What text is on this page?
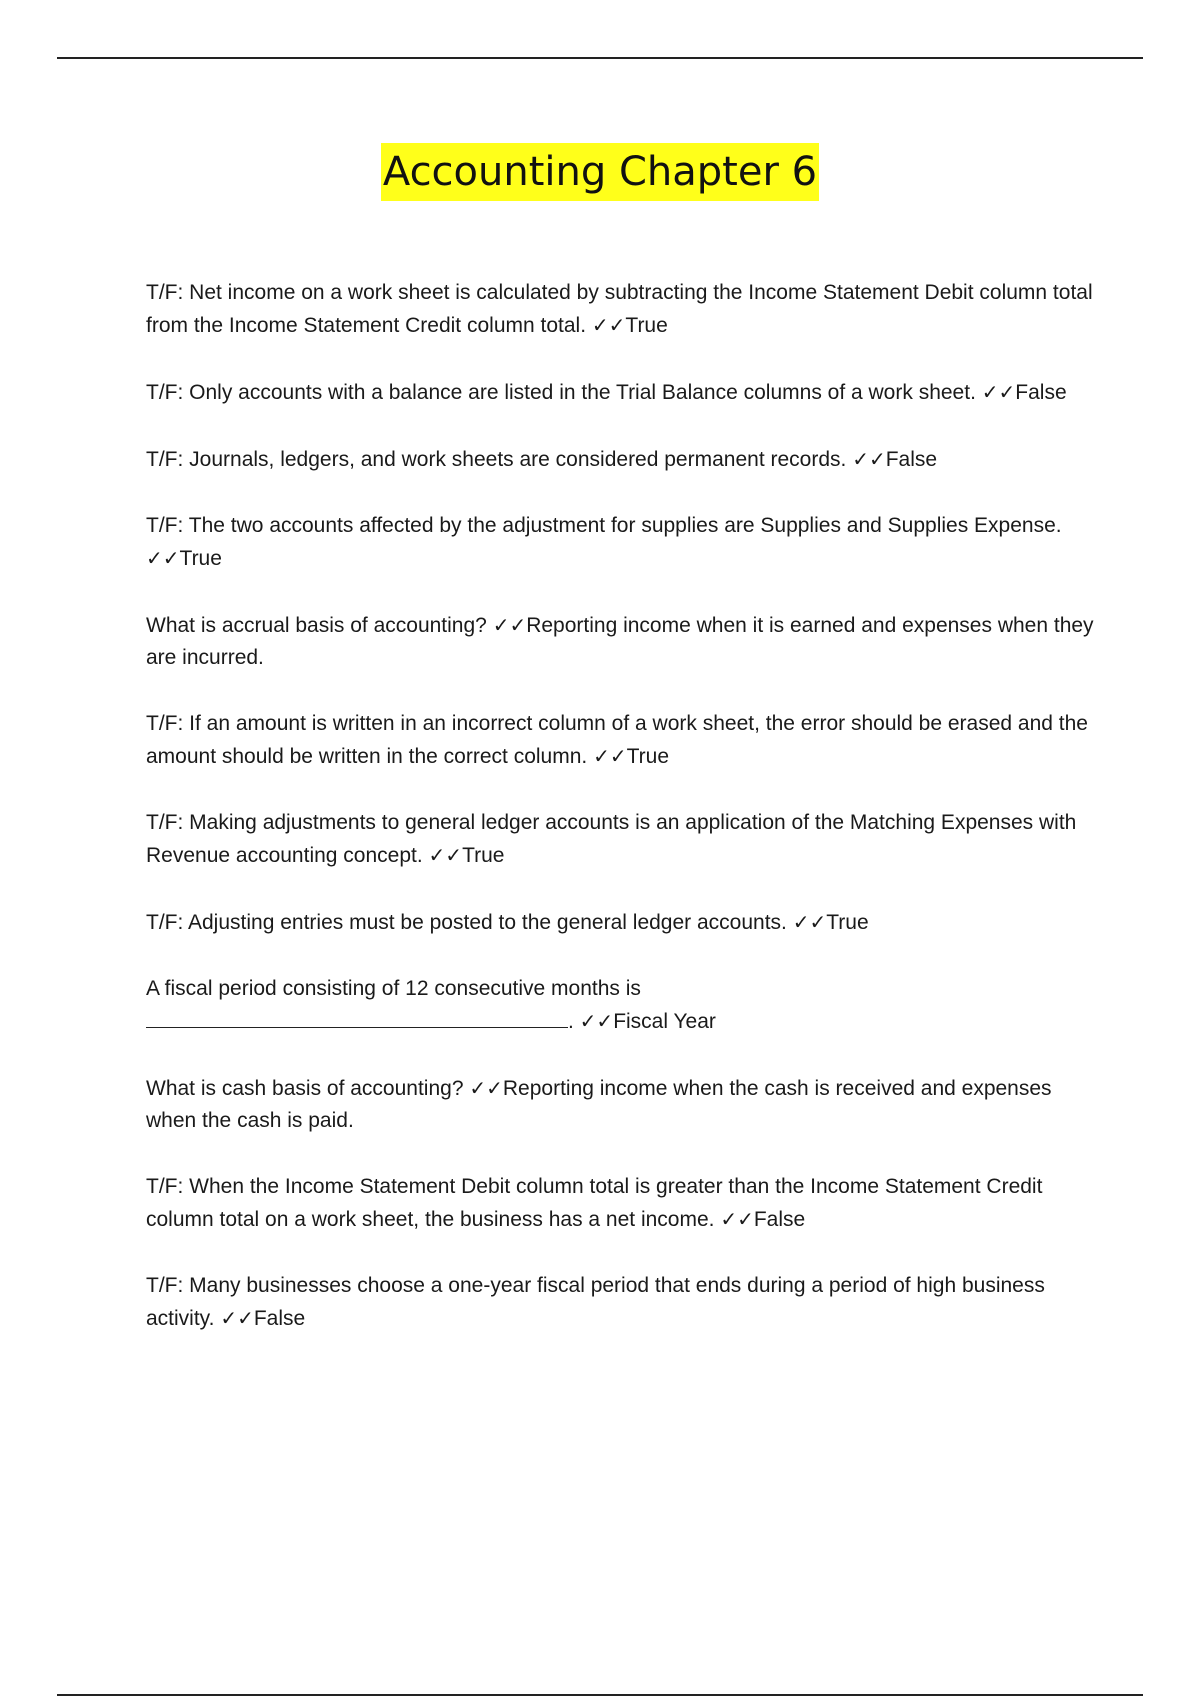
Accounting Chapter 6

T/F: Net income on a work sheet is calculated by subtracting the Income Statement Debit column total from the Income Statement Credit column total. ✓✓True

T/F: Only accounts with a balance are listed in the Trial Balance columns of a work sheet. ✓✓False

T/F: Journals, ledgers, and work sheets are considered permanent records. ✓✓False

T/F: The two accounts affected by the adjustment for supplies are Supplies and Supplies Expense. ✓✓True

What is accrual basis of accounting? ✓✓Reporting income when it is earned and expenses when they are incurred.

T/F: If an amount is written in an incorrect column of a work sheet, the error should be erased and the amount should be written in the correct column. ✓✓True

T/F: Making adjustments to general ledger accounts is an application of the Matching Expenses with Revenue accounting concept. ✓✓True

T/F: Adjusting entries must be posted to the general ledger accounts. ✓✓True

A fiscal period consisting of 12 consecutive months is
. ✓✓Fiscal Year

What is cash basis of accounting? ✓✓Reporting income when the cash is received and expenses when the cash is paid.

T/F: When the Income Statement Debit column total is greater than the Income Statement Credit column total on a work sheet, the business has a net income. ✓✓False

T/F: Many businesses choose a one-year fiscal period that ends during a period of high business activity. ✓✓False
